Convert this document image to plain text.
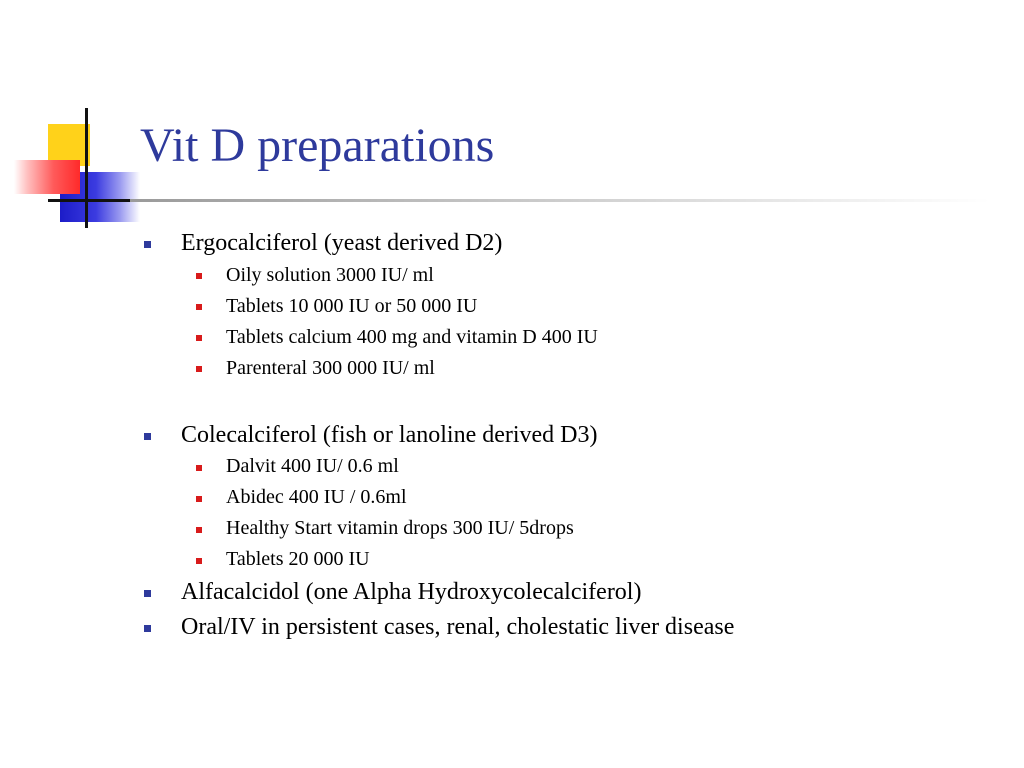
Vit D preparations
Ergocalciferol (yeast derived D2)
Oily solution 3000 IU/ ml
Tablets 10 000 IU or 50 000 IU
Tablets calcium 400 mg and vitamin D 400 IU
Parenteral 300 000 IU/ ml
Colecalciferol (fish or lanoline derived D3)
Dalvit 400 IU/ 0.6 ml
Abidec 400 IU / 0.6ml
Healthy Start vitamin drops 300 IU/ 5drops
Tablets 20 000 IU
Alfacalcidol (one Alpha Hydroxycolecalciferol)
Oral/IV in persistent cases, renal, cholestatic liver disease
